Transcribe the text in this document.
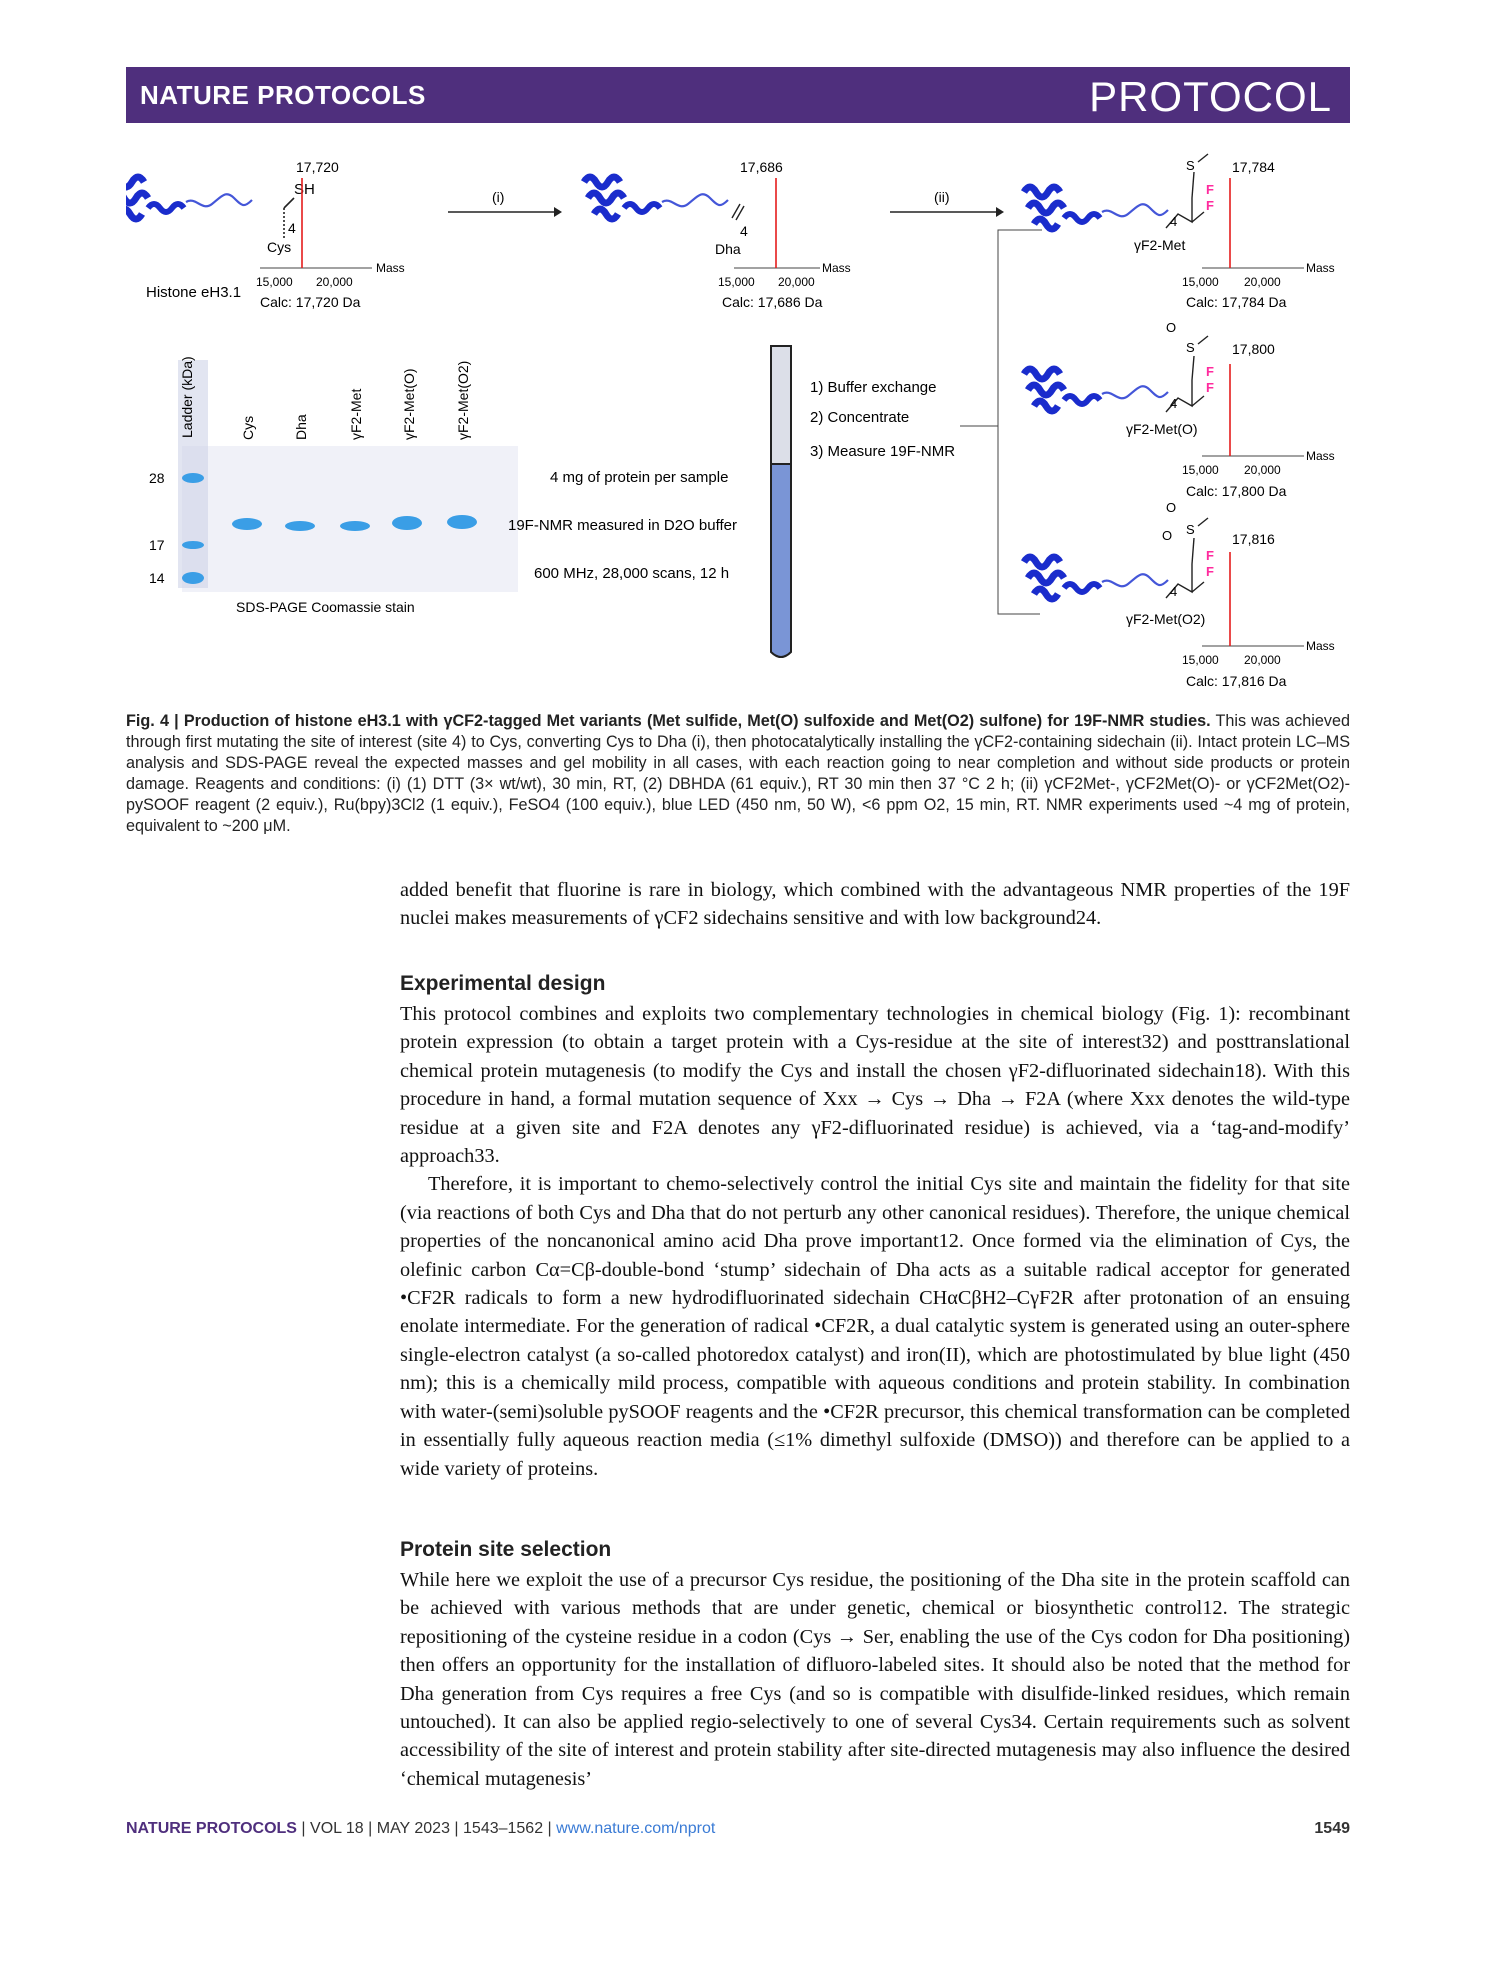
NATURE PROTOCOLS	PROTOCOL
SH
4
Cys
Histone eH3.1
17,720
Mass
15,000 20,000
Calc: 17,720 Da
(i)
4
Dha
17,686
Mass
15,000 20,000
Calc: 17,686 Da
(ii)
S
F
F
4
γF2-Met
17,784
Mass
15,000 20,000
Calc: 17,784 Da
O
S
F
F
4
γF2-Met(O)
17,800
Mass
15,000 20,000
Calc: 17,800 Da
O
O S
F
F
4
γF2-Met(O2)
17,816
Mass
15,000 20,000
Calc: 17,816 Da
Ladder (kDa)	Cys	Dha	γF2-Met	γF2-Met(O)	γF2-Met(O2)
28
17
14
SDS-PAGE Coomassie stain
4 mg of protein per sample
19F-NMR measured in D2O buffer
600 MHz, 28,000 scans, 12 h
1) Buffer exchange
2) Concentrate
3) Measure 19F-NMR
Fig. 4 | Production of histone eH3.1 with γCF2-tagged Met variants (Met sulfide, Met(O) sulfoxide and Met(O2) sulfone) for 19F-NMR studies. This was achieved through first mutating the site of interest (site 4) to Cys, converting Cys to Dha (i), then photocatalytically installing the γCF2-containing sidechain (ii). Intact protein LC–MS analysis and SDS-PAGE reveal the expected masses and gel mobility in all cases, with each reaction going to near completion and without side products or protein damage. Reagents and conditions: (i) (1) DTT (3× wt/wt), 30 min, RT, (2) DBHDA (61 equiv.), RT 30 min then 37 °C 2 h; (ii) γCF2Met-, γCF2Met(O)- or γCF2Met(O2)-pySOOF reagent (2 equiv.), Ru(bpy)3Cl2 (1 equiv.), FeSO4 (100 equiv.), blue LED (450 nm, 50 W), <6 ppm O2, 15 min, RT. NMR experiments used ~4 mg of protein, equivalent to ~200 μM.

added benefit that fluorine is rare in biology, which combined with the advantageous NMR properties of the 19F nuclei makes measurements of γCF2 sidechains sensitive and with low background24.

Experimental design

This protocol combines and exploits two complementary technologies in chemical biology (Fig. 1): recombinant protein expression (to obtain a target protein with a Cys-residue at the site of interest32) and posttranslational chemical protein mutagenesis (to modify the Cys and install the chosen γF2-difluorinated sidechain18). With this procedure in hand, a formal mutation sequence of Xxx → Cys → Dha → F2A (where Xxx denotes the wild-type residue at a given site and F2A denotes any γF2-difluorinated residue) is achieved, via a ‘tag-and-modify’ approach33.

Therefore, it is important to chemo-selectively control the initial Cys site and maintain the fidelity for that site (via reactions of both Cys and Dha that do not perturb any other canonical residues). Therefore, the unique chemical properties of the noncanonical amino acid Dha prove important12. Once formed via the elimination of Cys, the olefinic carbon Cα=Cβ-double-bond ‘stump’ sidechain of Dha acts as a suitable radical acceptor for generated •CF2R radicals to form a new hydrodifluorinated sidechain CHαCβH2–CγF2R after protonation of an ensuing enolate intermediate. For the generation of radical •CF2R, a dual catalytic system is generated using an outer-sphere single-electron catalyst (a so-called photoredox catalyst) and iron(II), which are photostimulated by blue light (450 nm); this is a chemically mild process, compatible with aqueous conditions and protein stability. In combination with water-(semi)soluble pySOOF reagents and the •CF2R precursor, this chemical transformation can be completed in essentially fully aqueous reaction media (≤1% dimethyl sulfoxide (DMSO)) and therefore can be applied to a wide variety of proteins.

Protein site selection

While here we exploit the use of a precursor Cys residue, the positioning of the Dha site in the protein scaffold can be achieved with various methods that are under genetic, chemical or biosynthetic control12. The strategic repositioning of the cysteine residue in a codon (Cys → Ser, enabling the use of the Cys codon for Dha positioning) then offers an opportunity for the installation of difluoro-labeled sites. It should also be noted that the method for Dha generation from Cys requires a free Cys (and so is compatible with disulfide-linked residues, which remain untouched). It can also be applied regio-selectively to one of several Cys34. Certain requirements such as solvent accessibility of the site of interest and protein stability after site-directed mutagenesis may also influence the desired ‘chemical mutagenesis’

NATURE PROTOCOLS | VOL 18 | MAY 2023 | 1543–1562 | www.nature.com/nprot	1549
